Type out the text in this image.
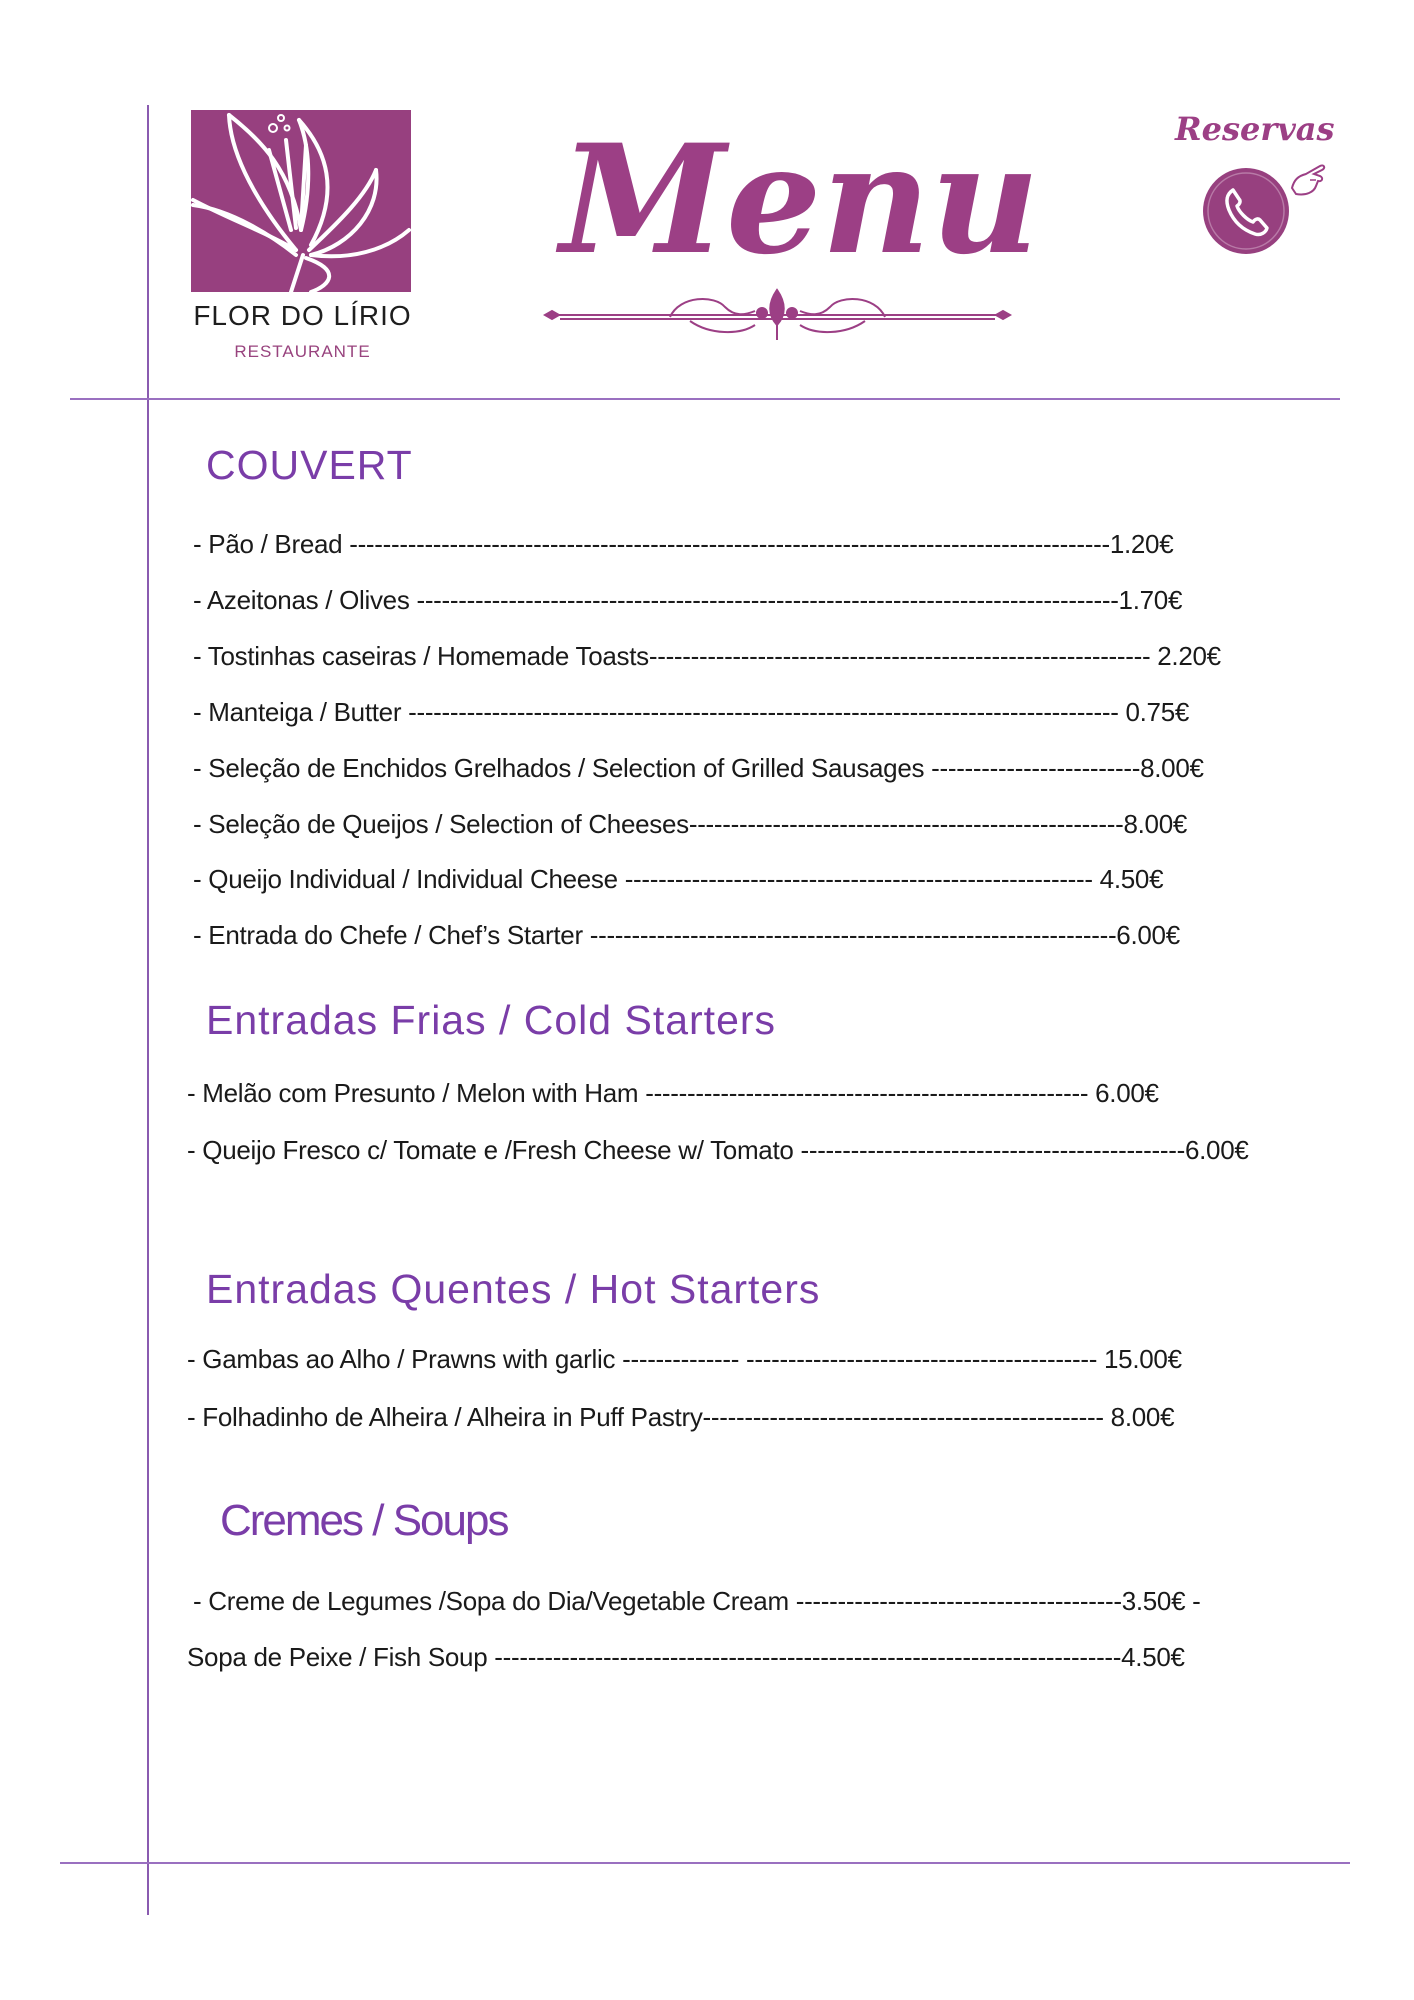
FLOR DO LÍRIO
RESTAURANTE
Menu	Reservas
COUVERT
- Pão / Bread -------------------------------------------------------------------------------------------1.20€
- Azeitonas / Olives ------------------------------------------------------------------------------------1.70€
- Tostinhas caseiras / Homemade Toasts------------------------------------------------------------ 2.20€
- Manteiga / Butter ------------------------------------------------------------------------------------- 0.75€
- Seleção de Enchidos Grelhados / Selection of Grilled Sausages -------------------------8.00€
- Seleção de Queijos / Selection of Cheeses----------------------------------------------------8.00€
- Queijo Individual / Individual Cheese -------------------------------------------------------- 4.50€
- Entrada do Chefe / Chef’s Starter ---------------------------------------------------------------6.00€
Entradas Frias / Cold Starters
- Melão com Presunto / Melon with Ham ----------------------------------------------------- 6.00€
- Queijo Fresco c/ Tomate e /Fresh Cheese w/ Tomato ----------------------------------------------6.00€
Entradas Quentes / Hot Starters
- Gambas ao Alho / Prawns with garlic -------------- ------------------------------------------ 15.00€
- Folhadinho de Alheira / Alheira in Puff Pastry------------------------------------------------ 8.00€
Cremes / Soups
- Creme de Legumes /Sopa do Dia/Vegetable Cream ---------------------------------------3.50€ -
Sopa de Peixe / Fish Soup ---------------------------------------------------------------------------4.50€
